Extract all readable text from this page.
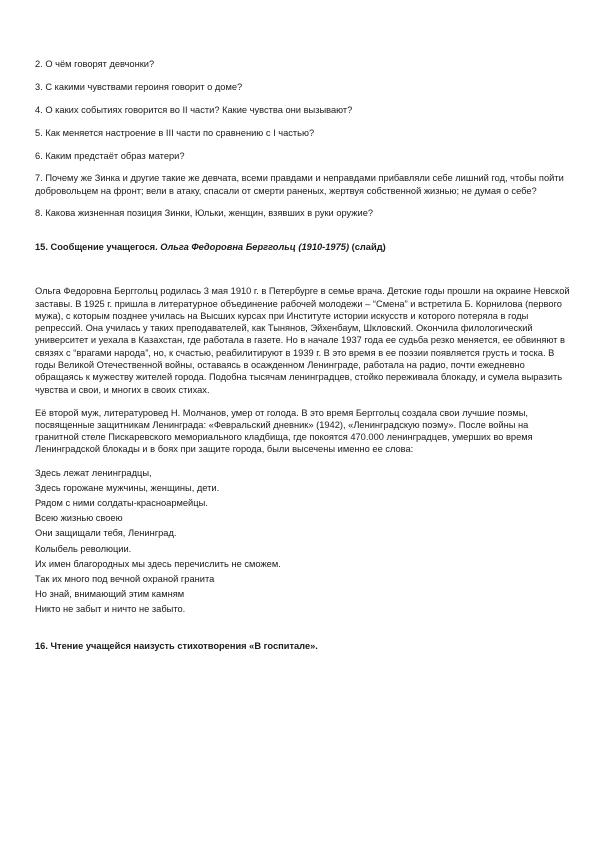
2. О чём говорят девчонки?

3. С какими чувствами героиня говорит о доме?

4. О каких событиях говорится во II части? Какие чувства они вызывают?

5. Как меняется настроение в III части по сравнению с I частью?

6. Каким предстаёт образ матери?

7. Почему же Зинка и другие такие же девчата, всеми правдами и неправдами прибавляли себе лишний год, чтобы пойти добровольцем на фронт; вели в атаку, спасали от смерти раненых, жертвуя собственной жизнью; не думая о себе?

8. Какова жизненная позиция Зинки, Юльки, женщин, взявших в руки оружие?

15. Сообщение учащегося. Ольга Федоровна Берггольц (1910-1975) (слайд)

Ольга Федоровна Берггольц родилась 3 мая 1910 г. в Петербурге в семье врача. Детские годы прошли на окраине Невской заставы. В 1925 г. пришла в литературное объединение рабочей молодежи – “Смена” и встретила Б. Корнилова (первого мужа), с которым позднее училась на Высших курсах при Институте истории искусств и которого потеряла в годы репрессий. Она училась у таких преподавателей, как Тынянов, Эйхенбаум, Шкловский. Окончила филологический университет и уехала в Казахстан, где работала в газете. Но в начале 1937 года ее судьба резко меняется, ее обвиняют в связях с “врагами народа”, но, к счастью, реабилитируют в 1939 г. В это время в ее поэзии появляется грусть и тоска. В годы Великой Отечественной войны, оставаясь в осажденном Ленинграде, работала на радио, почти ежедневно обращаясь к мужеству жителей города. Подобна тысячам ленинградцев, стойко переживала блокаду, и сумела выразить чувства и свои, и многих в своих стихах.

Её второй муж, литературовед Н. Молчанов, умер от голода. В это время Берггольц создала свои лучшие поэмы, посвященные защитникам Ленинграда: «Февральский дневник» (1942), «Ленинградскую поэму». После войны на гранитной стеле Пискаревского мемориального кладбища, где покоятся 470.000 ленинградцев, умерших во время Ленинградской блокады и в боях при защите города, были высечены именно ее слова:

Здесь лежат ленинградцы,

Здесь горожане мужчины, женщины, дети.

Рядом с ними солдаты-красноармейцы.

Всею жизнью своею

Они защищали тебя, Ленинград.

Колыбель революции.

Их имен благородных мы здесь перечислить не сможем.

Так их много под вечной охраной гранита

Но знай, внимающий этим камням

Никто не забыт и ничто не забыто.

16. Чтение учащейся наизусть стихотворения «В госпитале».
